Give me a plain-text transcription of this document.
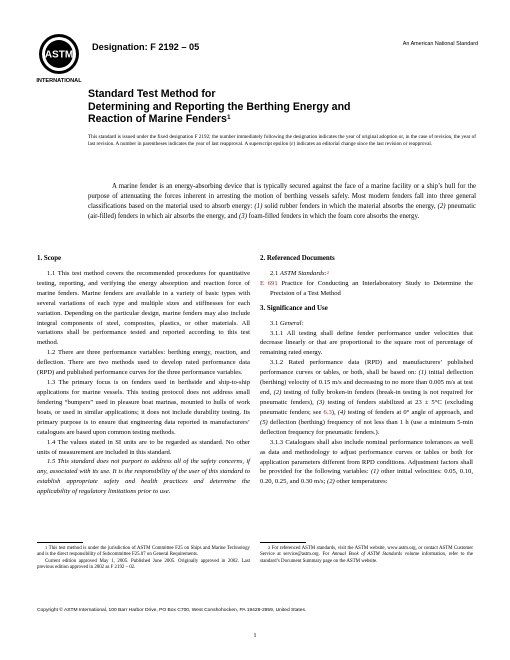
ASTM
INTERNATIONAL
Designation: F 2192 – 05	An American National Standard
Standard Test Method for
Determining and Reporting the Berthing Energy and
Reaction of Marine Fenders$^1$
This standard is issued under the fixed designation F 2192; the number immediately following the designation indicates the year of original adoption or, in the case of revision, the year of last revision. A number in parentheses indicates the year of last reapproval. A superscript epsilon (ε) indicates an editorial change since the last revision or reapproval.

A marine fender is an energy-absorbing device that is typically secured against the face of a marine facility or a ship’s hull for the purpose of attenuating the forces inherent in arresting the motion of berthing vessels safely. Most modern fenders fall into three general classifications based on the material used to absorb energy: (1) solid rubber fenders in which the material absorbs the energy, (2) pneumatic (air-filled) fenders in which air absorbs the energy, and (3) foam-filled fenders in which the foam core absorbs the energy.

1. Scope

1.1 This test method covers the recommended procedures for quantitative testing, reporting, and verifying the energy absorption and reaction force of marine fenders. Marine fenders are available in a variety of basic types with several variations of each type and multiple sizes and stiffnesses for each variation. Depending on the particular design, marine fenders may also include integral components of steel, composites, plastics, or other materials. All variations shall be performance tested and reported according to this test method.

1.2 There are three performance variables: berthing energy, reaction, and deflection. There are two methods used to develop rated performance data (RPD) and published performance curves for the three performance variables.

1.3 The primary focus is on fenders used in berthside and ship-to-ship applications for marine vessels. This testing protocol does not address small fendering “bumpers” used in pleasure boat marinas, mounted to hulls of work boats, or used in similar applications; it does not include durability testing. Its primary purpose is to ensure that engineering data reported in manufacturers’ catalogues are based upon common testing methods.

1.4 The values stated in SI units are to be regarded as standard. No other units of measurement are included in this standard.

1.5 This standard does not purport to address all of the safety concerns, if any, associated with its use. It is the responsibility of the user of this standard to establish appropriate safety and health practices and determine the applicability of regulatory limitations prior to use.

2. Referenced Documents

2.1 ASTM Standards:$^2$

E 691 Practice for Conducting an Interlaboratory Study to Determine the Precision of a Test Method

3. Significance and Use

3.1 General:

3.1.1 All testing shall define fender performance under velocities that decrease linearly or that are proportional to the square root of percentage of remaining rated energy.

3.1.2 Rated performance data (RPD) and manufacturers’ published performance curves or tables, or both, shall be based on: (1) initial deflection (berthing) velocity of 0.15 m/s and decreasing to no more than 0.005 m/s at test end, (2) testing of fully broken-in fenders (break-in testing is not required for pneumatic fenders), (3) testing of fenders stabilized at 23 ± 5°C (excluding pneumatic fenders; see 6.3), (4) testing of fenders at 0° angle of approach, and (5) deflection (berthing) frequency of not less than 1 h (use a minimum 5-min deflection frequency for pneumatic fenders.).

3.1.3 Catalogues shall also include nominal performance tolerances as well as data and methodology to adjust performance curves or tables or both for application parameters different from RPD conditions. Adjustment factors shall be provided for the following variables: (1) other initial velocities: 0.05, 0.10, 0.20, 0.25, and 0.30 m/s; (2) other temperatures:

$^1$ This test method is under the jurisdiction of ASTM Committee F25 on Ships and Marine Technology and is the direct responsibility of Subcommittee F25.07 on General Requirements.

Current edition approved May 1, 2005. Published June 2005. Originally approved in 2002. Last previous edition approved in 2002 as F 2192 – 02.

$^2$ For referenced ASTM standards, visit the ASTM website, www.astm.org, or contact ASTM Customer Service at service@astm.org. For Annual Book of ASTM Standards volume information, refer to the standard’s Document Summary page on the ASTM website.

Copyright © ASTM International, 100 Barr Harbor Drive, PO Box C700, West Conshohocken, PA 19428-2959, United States.
1
